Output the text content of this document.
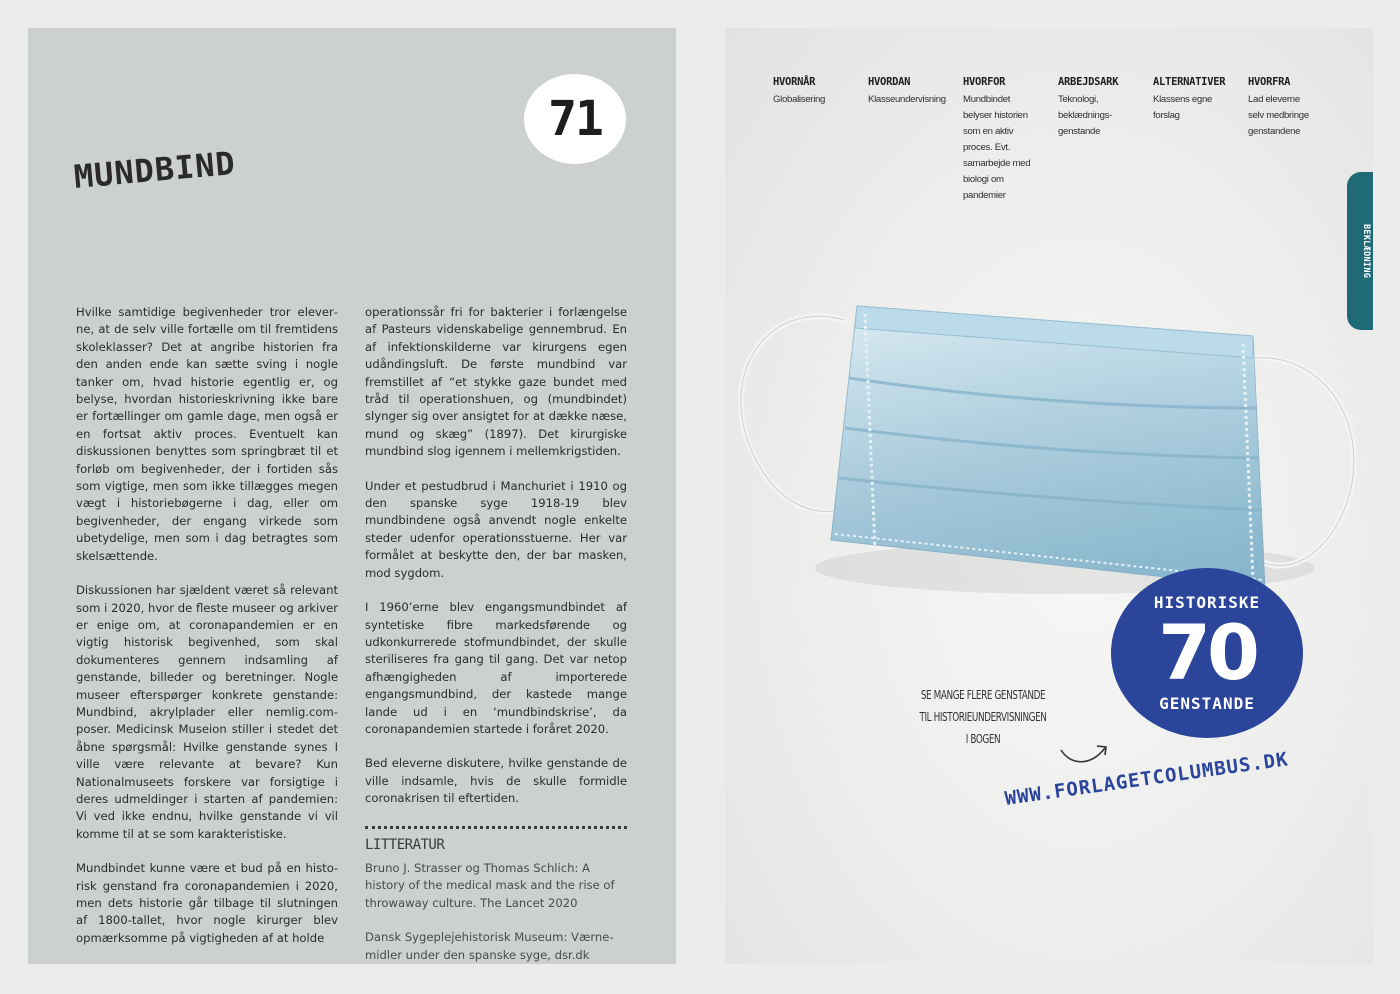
71
MUNDBIND

Hvilke samtidige begivenheder tror eleverne, at de selv ville fortælle om til fremtidens skoleklasser? Det at angribe historien fra den anden ende kan sætte sving i nogle tanker om, hvad historie egentlig er, og belyse, hvordan historieskrivning ikke bare er fortællinger om gamle dage, men også er en fortsat aktiv proces. Eventuelt kan diskussionen benyttes som springbræt til et forløb om begivenheder, der i fortiden sås som vigtige, men som ikke tillægges megen vægt i historiebøgerne i dag, eller om begivenheder, der engang virkede som ubetydelige, men som i dag betragtes som skelsættende.

Diskussionen har sjældent været så relevant som i 2020, hvor de fleste museer og arkiver er enige om, at coronapandemien er en vigtig historisk begivenhed, som skal dokumenteres gennem indsamling af genstande, billeder og beretninger. Nogle museer efterspørger konkrete genstande: Mundbind, akrylplader eller nemlig.com-poser. Medicinsk Museion stiller i stedet det åbne spørgsmål: Hvilke genstande synes I ville være relevante at bevare? Kun Nationalmuseets forskere var forsigtige i deres udmeldinger i starten af pandemien: Vi ved ikke endnu, hvilke genstande vi vil komme til at se som karakteristiske.

Mundbindet kunne være et bud på en historisk genstand fra coronapandemien i 2020, men dets historie går tilbage til slutningen af 1800-tallet, hvor nogle kirurger blev opmærksomme på vigtigheden af at holde

operationssår fri for bakterier i forlængelse af Pasteurs videnskabelige gennembrud. En af infektionskilderne var kirurgens egen udåndingsluft. De første mundbind var fremstillet af “et stykke gaze bundet med tråd til operationshuen, og (mundbindet) slynger sig over ansigtet for at dække næse, mund og skæg” (1897). Det kirurgiske mundbind slog igennem i mellemkrigstiden.

Under et pestudbrud i Manchuriet i 1910 og den spanske syge 1918-19 blev mundbindene også anvendt nogle enkelte steder udenfor operationsstuerne. Her var formålet at beskytte den, der bar masken, mod sygdom.

I 1960’erne blev engangsmundbindet af syntetiske fibre markedsførende og udkonkurrerede stofmundbindet, der skulle steriliseres fra gang til gang. Det var netop afhængigheden af importerede engangsmundbind, der kastede mange lande ud i en ‘mundbindskrise’, da coronapandemien startede i foråret 2020.

Bed eleverne diskutere, hvilke genstande de ville indsamle, hvis de skulle formidle coronakrisen til eftertiden.

LITTERATUR

Bruno J. Strasser og Thomas Schlich: A history of the medical mask and the rise of throwaway culture. The Lancet 2020

Dansk Sygeplejehistorisk Museum: Værnemidler under den spanske syge, dsr.dk

HVORNÅR
Globalisering
HVORDAN
Klasseundervisning
HVORFOR
Mundbindet belyser historien som en aktiv proces. Evt. samarbejde med biologi om pandemier
ARBEJDSARK
Teknologi, beklædningsgenstande
ALTERNATIVER
Klassens egne forslag
HVORFRA
Lad eleverne selv medbringe genstandene
BEKLÆDNING
HISTORISKE
70
GENSTANDE
SE MANGE FLERE GENSTANDE TIL HISTORIEUNDERVISNINGEN I BOGEN
WWW.FORLAGETCOLUMBUS.DK
